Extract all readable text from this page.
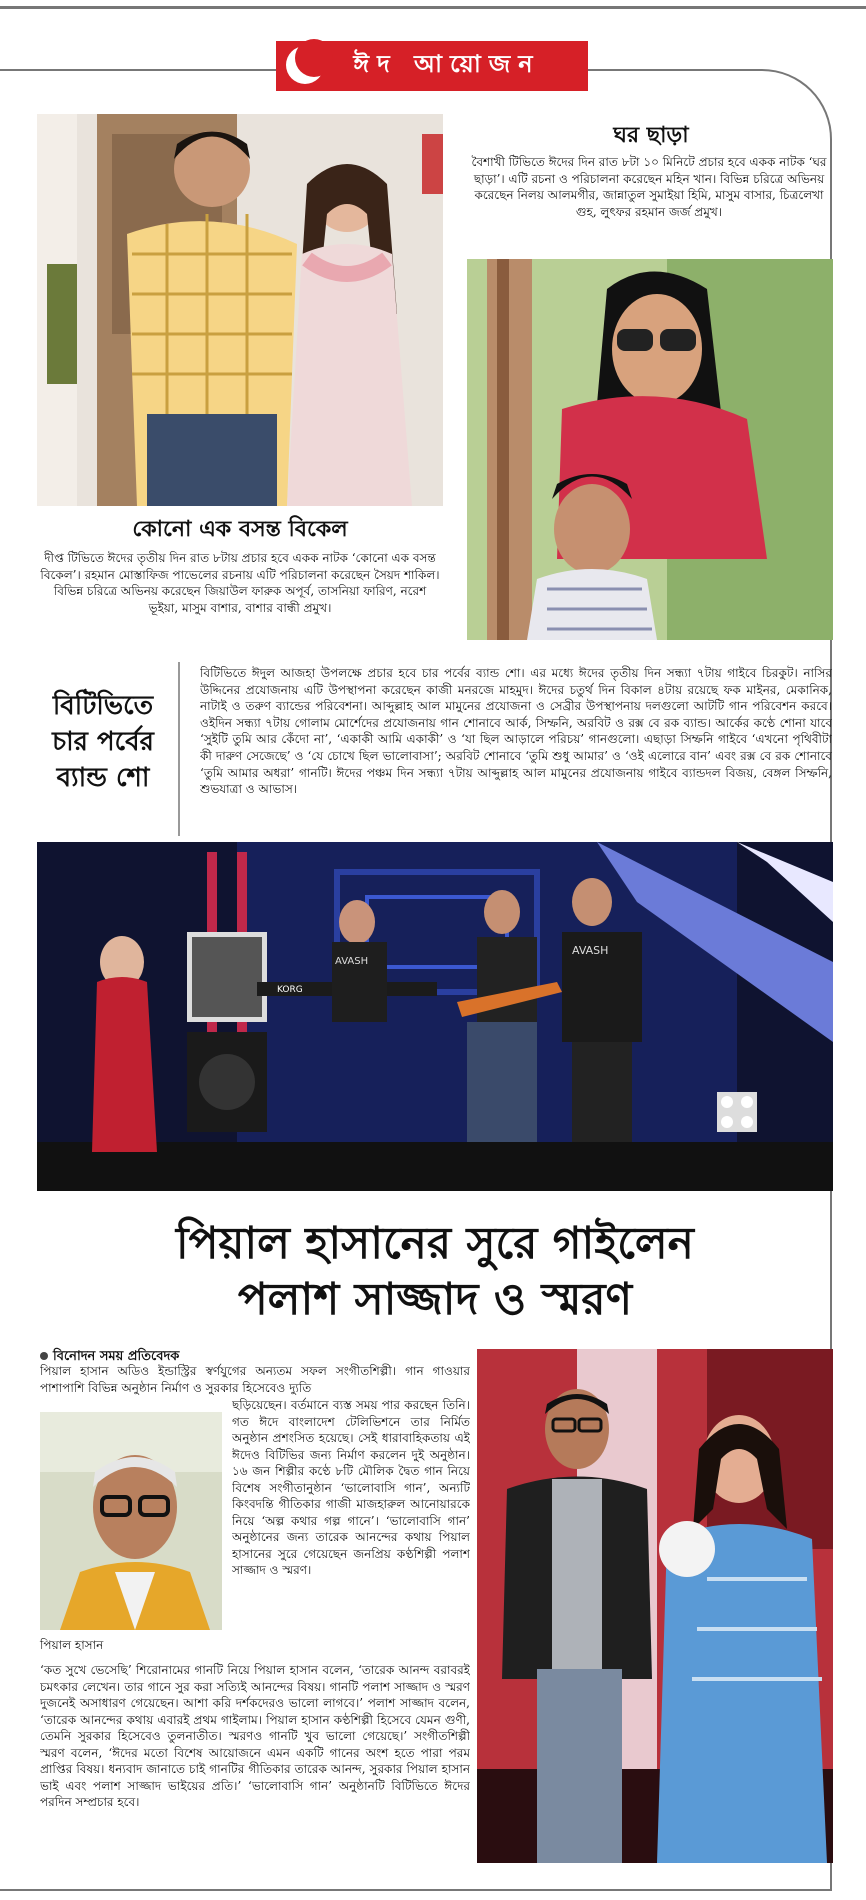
ঈদ আয়োজন
কোনো এক বসন্ত বিকেল
দীপ্ত টিভিতে ঈদের তৃতীয় দিন রাত ৮টায় প্রচার হবে একক নাটক ‘কোনো এক বসন্ত বিকেল’। রহমান মোস্তাফিজ পাভেলের রচনায় এটি পরিচালনা করেছেন সৈয়দ শাকিল। বিভিন্ন চরিত্রে অভিনয় করেছেন জিয়াউল ফারুক অপূর্ব, তাসনিয়া ফারিণ, নরেশ ভূইয়া, মাসুম বাশার, বাশার বান্ধী প্রমুখ।
ঘর ছাড়া
বৈশাখী টিভিতে ঈদের দিন রাত ৮টা ১০ মিনিটে প্রচার হবে একক নাটক ‘ঘর ছাড়া’। এটি রচনা ও পরিচালনা করেছেন মহিন খান। বিভিন্ন চরিত্রে অভিনয় করেছেন নিলয় আলমগীর, জান্নাতুল সুমাইয়া হিমি, মাসুম বাসার, চিত্রলেখা গুহ, লুৎফর রহমান জর্জ প্রমুখ।
বিটিভিতে চার পর্বের ব্যান্ড শো
বিটিভিতে ঈদুল আজহা উপলক্ষে প্রচার হবে চার পর্বের ব্যান্ড শো। এর মধ্যে ঈদের তৃতীয় দিন সন্ধ্যা ৭টায় গাইবে চিরকুট। নাসির উদ্দিনের প্রযোজনায় এটি উপস্থাপনা করেছেন কাজী মনরজে মাহমুদ। ঈদের চতুর্থ দিন বিকাল ৪টায় রয়েছে ফক মাইনর, মেকানিক, নাটাই ও তরুণ ব্যান্ডের পরিবেশনা। আব্দুল্লাহ আল মামুনের প্রযোজনা ও সেব্রীর উপস্থাপনায় দলগুলো আটটি গান পরিবেশন করবে। ওইদিন সন্ধ্যা ৭টায় গোলাম মোর্শেদের প্রযোজনায় গান শোনাবে আর্ক, সিম্ফনি, অরবিট ও রক্স বে রক ব্যান্ড। আর্কের কণ্ঠে শোনা যাবে ‘সুইটি তুমি আর কেঁদো না’, ‘একাকী আমি একাকী’ ও ‘যা ছিল আড়ালে পরিচয়’ গানগুলো। এছাড়া সিম্ফনি গাইবে ‘এখনো পৃথিবীটা কী দারুণ সেজেছে’ ও ‘যে চোখে ছিল ভালোবাসা’; অরবিট শোনাবে ‘তুমি শুধু আমার’ ও ‘ওই এলোরে বান’ এবং রক্স বে রক শোনাবে ‘তুমি আমার অধরা’ গানটি। ঈদের পঞ্চম দিন সন্ধ্যা ৭টায় আব্দুল্লাহ আল মামুনের প্রযোজনায় গাইবে ব্যান্ডদল বিজয়, বেঙ্গল সিম্ফনি, শুভযাত্রা ও আভাস।
AVASH
KORG
AVASH
পিয়াল হাসানের সুরে গাইলেন
পলাশ সাজ্জাদ ও স্মরণ
বিনোদন সময় প্রতিবেদক
পিয়াল হাসান অডিও ইন্ডাস্ট্রির স্বর্ণযুগের অন্যতম সফল সংগীতশিল্পী। গান গাওয়ার পাশাপাশি বিভিন্ন অনুষ্ঠান নির্মাণ ও সুরকার হিসেবেও দ্যুতি
পিয়াল হাসান
ছড়িয়েছেন। বর্তমানে ব্যস্ত সময় পার করছেন তিনি। গত ঈদে বাংলাদেশ টেলিভিশনে তার নির্মিত অনুষ্ঠান প্রশংসিত হয়েছে। সেই ধারাবাহিকতায় এই ঈদেও বিটিভির জন্য নির্মাণ করলেন দুই অনুষ্ঠান। ১৬ জন শিল্পীর কণ্ঠে ৮টি মৌলিক দ্বৈত গান নিয়ে বিশেষ সংগীতানুষ্ঠান ‘ভালোবাসি গান’, অন্যটি কিংবদন্তি গীতিকার গাজী মাজহারুল আনোয়ারকে নিয়ে ‘অল্প কথার গল্প গানে’। ‘ভালোবাসি গান’ অনুষ্ঠানের জন্য তারেক আনন্দের কথায় পিয়াল হাসানের সুরে গেয়েছেন জনপ্রিয় কণ্ঠশিল্পী পলাশ সাজ্জাদ ও স্মরণ।
‘কত সুখে ভেসেছি’ শিরোনামের গানটি নিয়ে পিয়াল হাসান বলেন, ‘তারেক আনন্দ বরাবরই চমৎকার লেখেন। তার গানে সুর করা সত্যিই আনন্দের বিষয়। গানটি পলাশ সাজ্জাদ ও স্মরণ দুজনেই অসাধারণ গেয়েছেন। আশা করি দর্শকদেরও ভালো লাগবে।’ পলাশ সাজ্জাদ বলেন, ‘তারেক আনন্দের কথায় এবারই প্রথম গাইলাম। পিয়াল হাসান কণ্ঠশিল্পী হিসেবে যেমন গুণী, তেমনি সুরকার হিসেবেও তুলনাতীত। স্মরণও গানটি খুব ভালো গেয়েছে।’ সংগীতশিল্পী স্মরণ বলেন, ‘ঈদের মতো বিশেষ আয়োজনে এমন একটি গানের অংশ হতে পারা পরম প্রাপ্তির বিষয়। ধন্যবাদ জানাতে চাই গানটির গীতিকার তারেক আনন্দ, সুরকার পিয়াল হাসান ভাই এবং পলাশ সাজ্জাদ ভাইয়ের প্রতি।’ ‘ভালোবাসি গান’ অনুষ্ঠানটি বিটিভিতে ঈদের পরদিন সম্প্রচার হবে।
